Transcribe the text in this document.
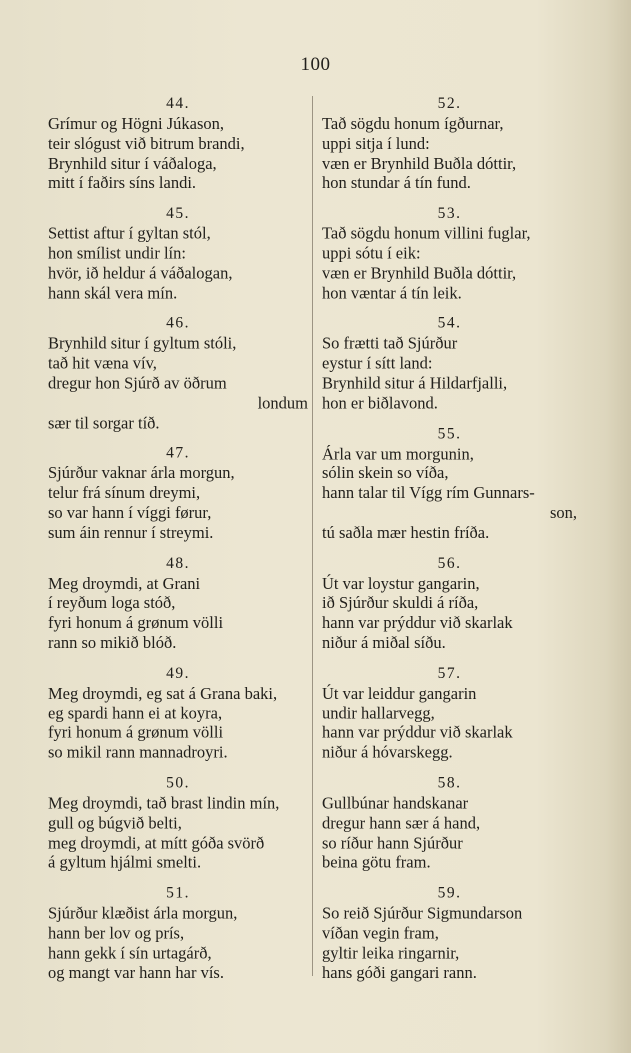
100
44.
Grímur og Högni Júkason,
teir slógust við bitrum brandi,
Brynhild situr í váðaloga,
mitt í faðirs síns landi.
45.
Settist aftur í gyltan stól,
hon smílist undir lín:
hvör, ið heldur á váðalogan,
hann skál vera mín.
46.
Brynhild situr í gyltum stóli,
tað hit væna vív,
dregur hon Sjúrð av öðrum
londum
sær til sorgar tíð.
47.
Sjúrður vaknar árla morgun,
telur frá sínum dreymi,
so var hann í víggi førur,
sum áin rennur í streymi.
48.
Meg droymdi, at Grani
í reyðum loga stóð,
fyri honum á grønum völli
rann so mikið blóð.
49.
Meg droymdi, eg sat á Grana baki,
eg spardi hann ei at koyra,
fyri honum á grønum völli
so mikil rann mannadroyri.
50.
Meg droymdi, tað brast lindin mín,
gull og búgvið belti,
meg droymdi, at mítt góða svörð
á gyltum hjálmi smelti.
51.
Sjúrður klæðist árla morgun,
hann ber lov og prís,
hann gekk í sín urtagárð,
og mangt var hann har vís.
52.
Tað sögdu honum ígðurnar,
uppi sitja í lund:
væn er Brynhild Buðla dóttir,
hon stundar á tín fund.
53.
Tað sögdu honum villini fuglar,
uppi sótu í eik:
væn er Brynhild Buðla dóttir,
hon væntar á tín leik.
54.
So frætti tað Sjúrður
eystur í sítt land:
Brynhild situr á Hildarfjalli,
hon er biðlavond.
55.
Árla var um morgunin,
sólin skein so víða,
hann talar til Vígg rím Gunnars-
son,
tú saðla mær hestin fríða.
56.
Út var loystur gangarin,
ið Sjúrður skuldi á ríða,
hann var prýddur við skarlak
niður á miðal síðu.
57.
Út var leiddur gangarin
undir hallarvegg,
hann var prýddur við skarlak
niður á hóvarskegg.
58.
Gullbúnar handskanar
dregur hann sær á hand,
so ríður hann Sjúrður
beina götu fram.
59.
So reið Sjúrður Sigmundarson
víðan vegin fram,
gyltir leika ringarnir,
hans góði gangari rann.
